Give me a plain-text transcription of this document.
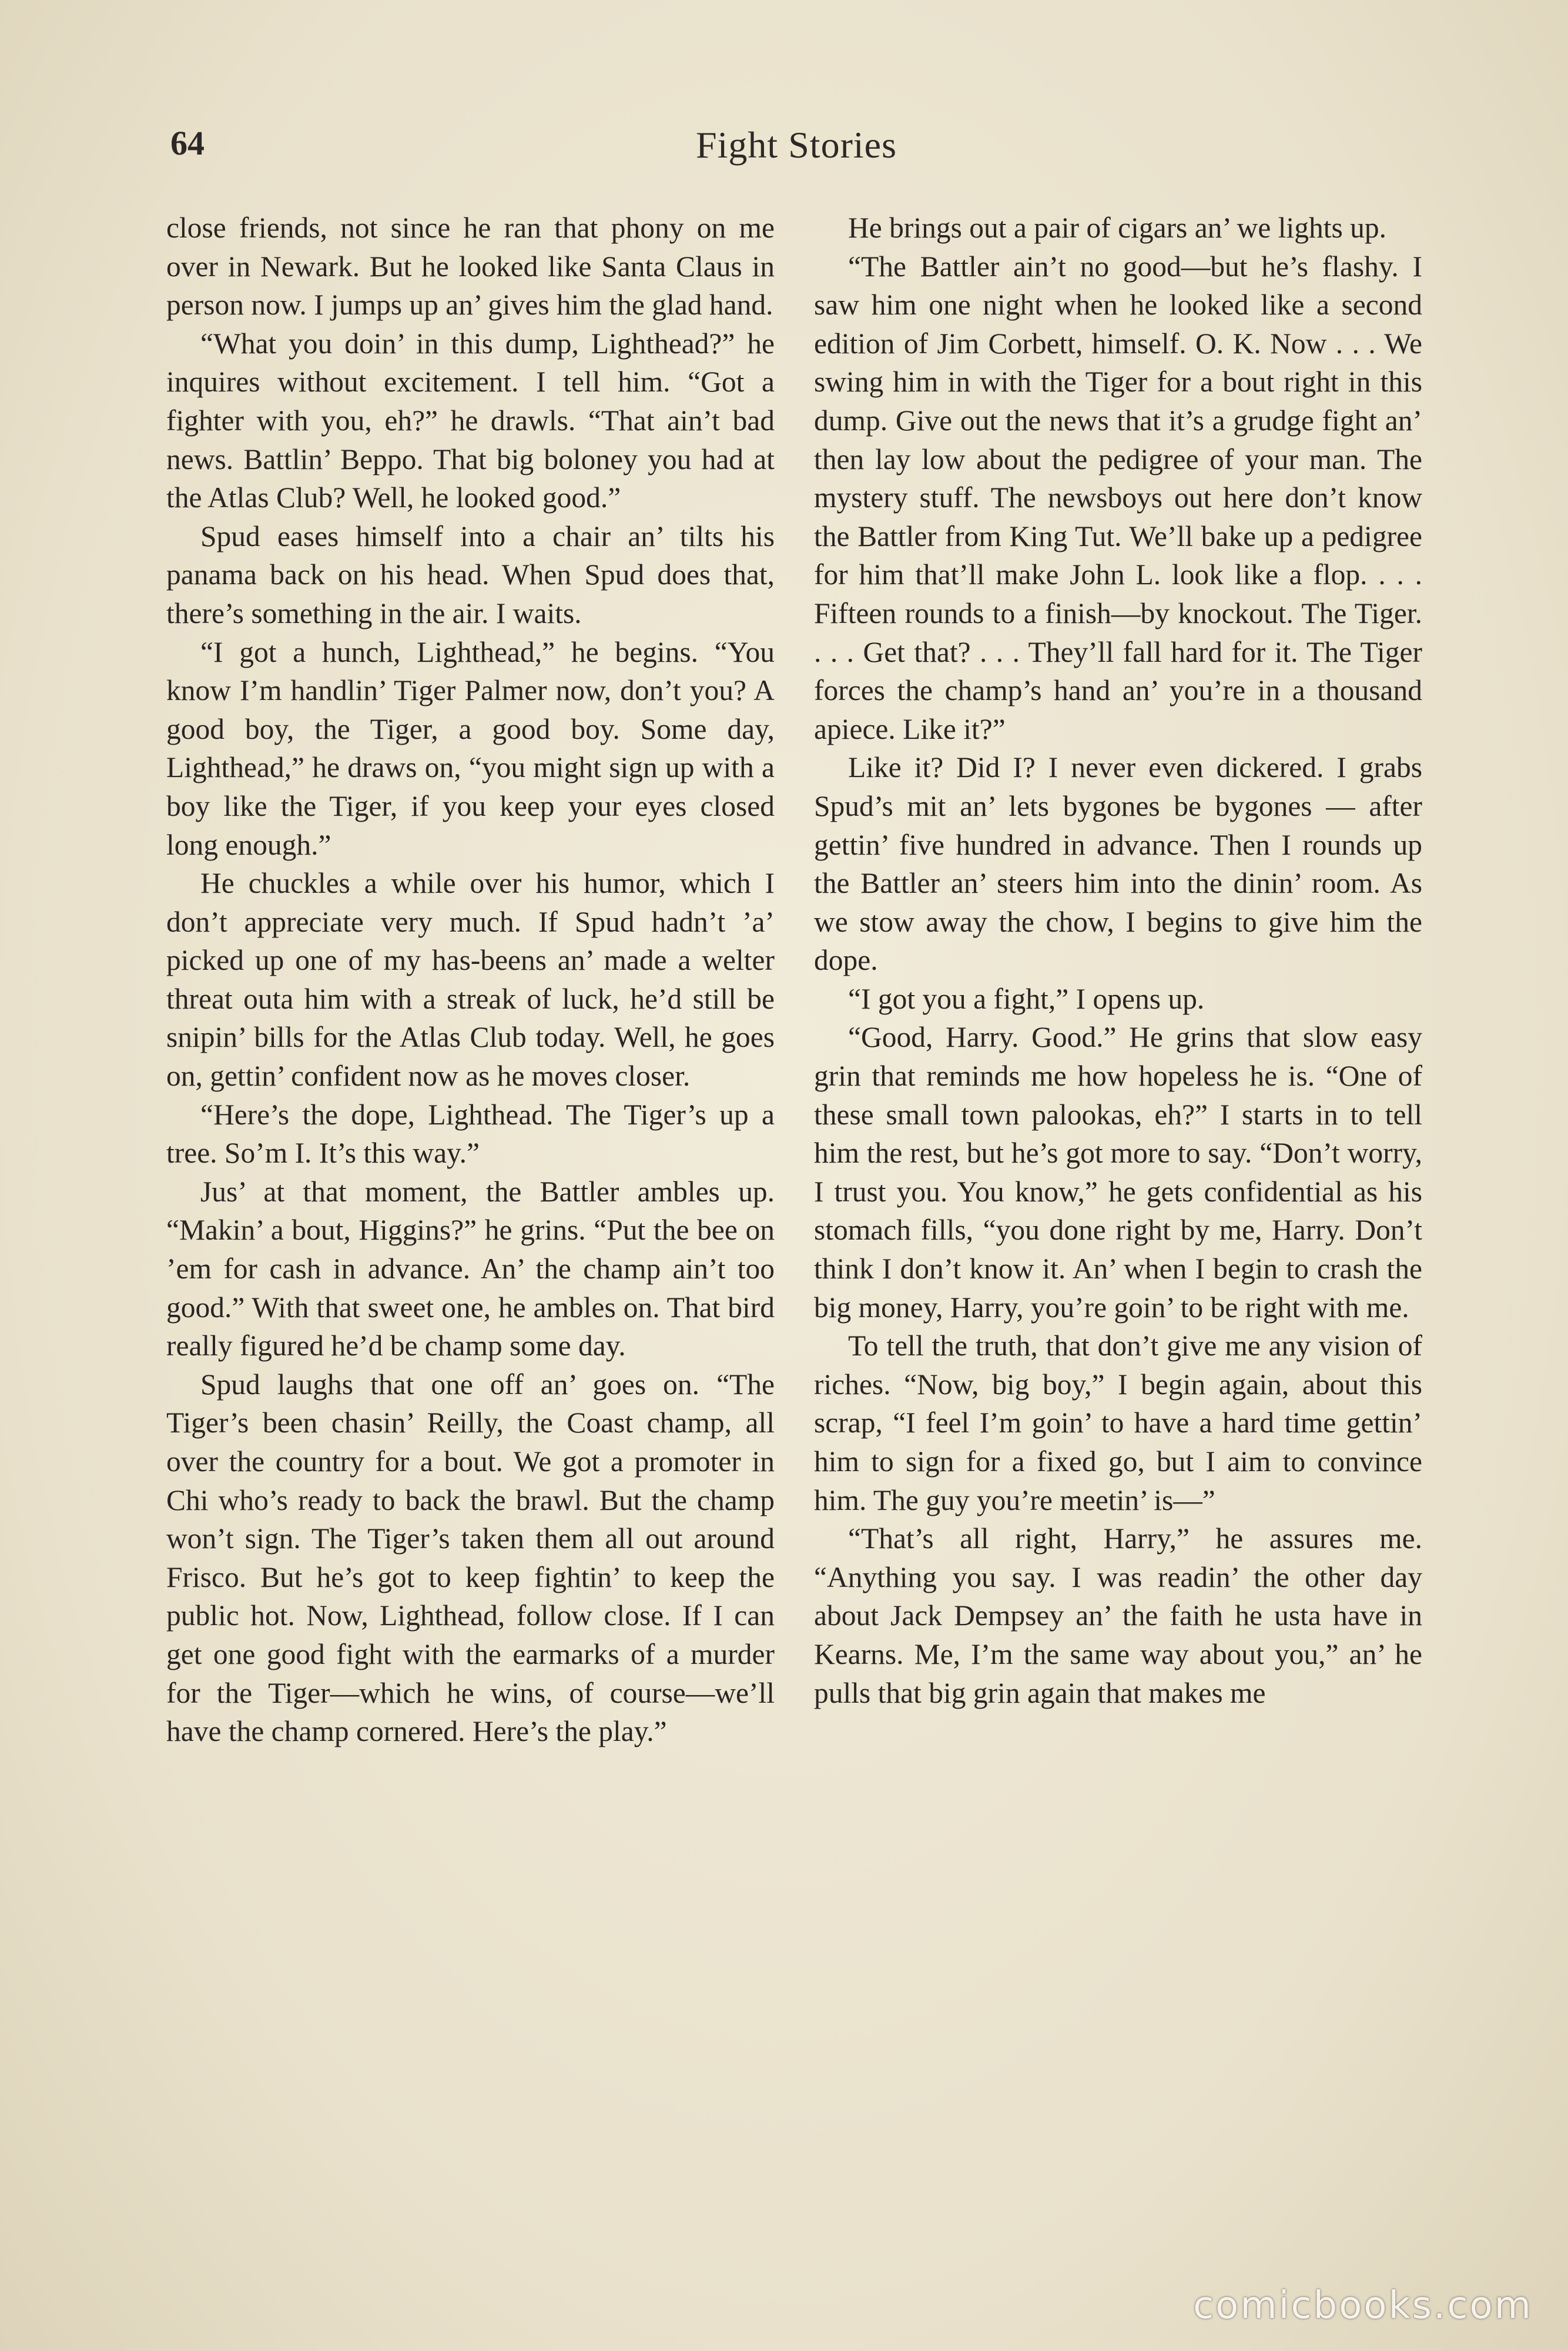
64	Fight Stories

close friends, not since he ran that phony on me over in Newark. But he looked like Santa Claus in person now. I jumps up an’ gives him the glad hand.

“What you doin’ in this dump, Lighthead?” he inquires without excitement. I tell him. “Got a fighter with you, eh?” he drawls. “That ain’t bad news. Battlin’ Beppo. That big boloney you had at the Atlas Club? Well, he looked good.”

Spud eases himself into a chair an’ tilts his panama back on his head. When Spud does that, there’s something in the air. I waits.

“I got a hunch, Lighthead,” he begins. “You know I’m handlin’ Tiger Palmer now, don’t you? A good boy, the Tiger, a good boy. Some day, Lighthead,” he draws on, “you might sign up with a boy like the Tiger, if you keep your eyes closed long enough.”

He chuckles a while over his humor, which I don’t appreciate very much. If Spud hadn’t ’a’ picked up one of my has-beens an’ made a welter threat outa him with a streak of luck, he’d still be snipin’ bills for the Atlas Club today. Well, he goes on, gettin’ confident now as he moves closer.

“Here’s the dope, Lighthead. The Tiger’s up a tree. So’m I. It’s this way.”

Jus’ at that moment, the Battler ambles up. “Makin’ a bout, Higgins?” he grins. “Put the bee on ’em for cash in advance. An’ the champ ain’t too good.” With that sweet one, he ambles on. That bird really figured he’d be champ some day.

Spud laughs that one off an’ goes on. “The Tiger’s been chasin’ Reilly, the Coast champ, all over the country for a bout. We got a promoter in Chi who’s ready to back the brawl. But the champ won’t sign. The Tiger’s taken them all out around Frisco. But he’s got to keep fightin’ to keep the public hot. Now, Lighthead, follow close. If I can get one good fight with the earmarks of a murder for the Tiger—which he wins, of course—we’ll have the champ cornered. Here’s the play.”

He brings out a pair of cigars an’ we lights up.

“The Battler ain’t no good—but he’s flashy. I saw him one night when he looked like a second edition of Jim Corbett, himself. O. K. Now . . . We swing him in with the Tiger for a bout right in this dump. Give out the news that it’s a grudge fight an’ then lay low about the pedigree of your man. The mystery stuff. The newsboys out here don’t know the Battler from King Tut. We’ll bake up a pedigree for him that’ll make John L. look like a flop. . . . Fifteen rounds to a finish—by knockout. The Tiger. . . . Get that? . . . They’ll fall hard for it. The Tiger forces the champ’s hand an’ you’re in a thousand apiece. Like it?”

Like it? Did I? I never even dickered. I grabs Spud’s mit an’ lets bygones be bygones — after gettin’ five hundred in advance. Then I rounds up the Battler an’ steers him into the dinin’ room. As we stow away the chow, I begins to give him the dope.

“I got you a fight,” I opens up.

“Good, Harry. Good.” He grins that slow easy grin that reminds me how hopeless he is. “One of these small town palookas, eh?” I starts in to tell him the rest, but he’s got more to say. “Don’t worry, I trust you. You know,” he gets confidential as his stomach fills, “you done right by me, Harry. Don’t think I don’t know it. An’ when I begin to crash the big money, Harry, you’re goin’ to be right with me.

To tell the truth, that don’t give me any vision of riches. “Now, big boy,” I begin again, about this scrap, “I feel I’m goin’ to have a hard time gettin’ him to sign for a fixed go, but I aim to convince him. The guy you’re meetin’ is—”

“That’s all right, Harry,” he assures me. “Anything you say. I was readin’ the other day about Jack Dempsey an’ the faith he usta have in Kearns. Me, I’m the same way about you,” an’ he pulls that big grin again that makes me

comicbooks.com
